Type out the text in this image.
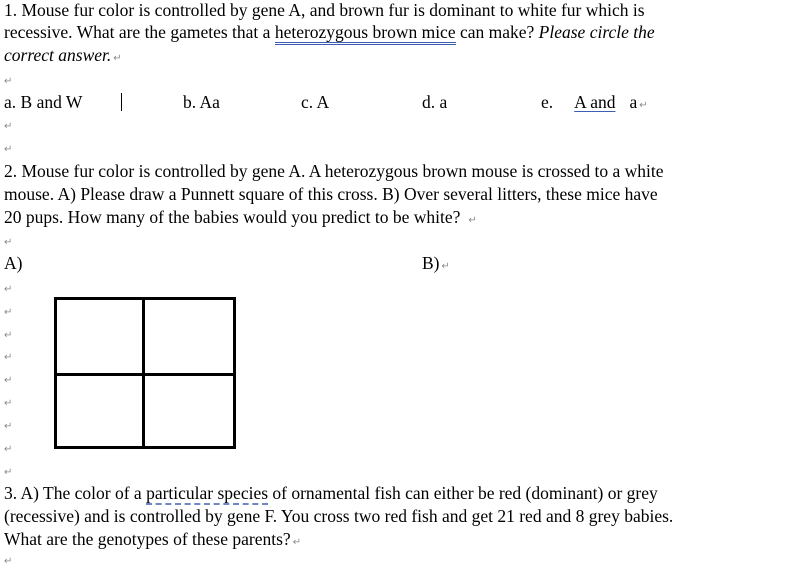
1. Mouse fur color is controlled by gene A, and brown fur is dominant to white fur which is
recessive. What are the gametes that a heterozygous brown mice can make? Please circle the
correct answer. ↵
↵
a. B and W	b. Aa	c. A	d. a	e. A and a ↵
↵
↵
2. Mouse fur color is controlled by gene A. A heterozygous brown mouse is crossed to a white
mouse. A) Please draw a Punnett square of this cross. B) Over several litters, these mice have
20 pups. How many of the babies would you predict to be white? ↵
↵
A)	B) ↵
↵
↵
↵
↵
↵
↵
↵
↵
↵
3. A) The color of a particular species of ornamental fish can either be red (dominant) or grey
(recessive) and is controlled by gene F. You cross two red fish and get 21 red and 8 grey babies.
What are the genotypes of these parents? ↵
↵
